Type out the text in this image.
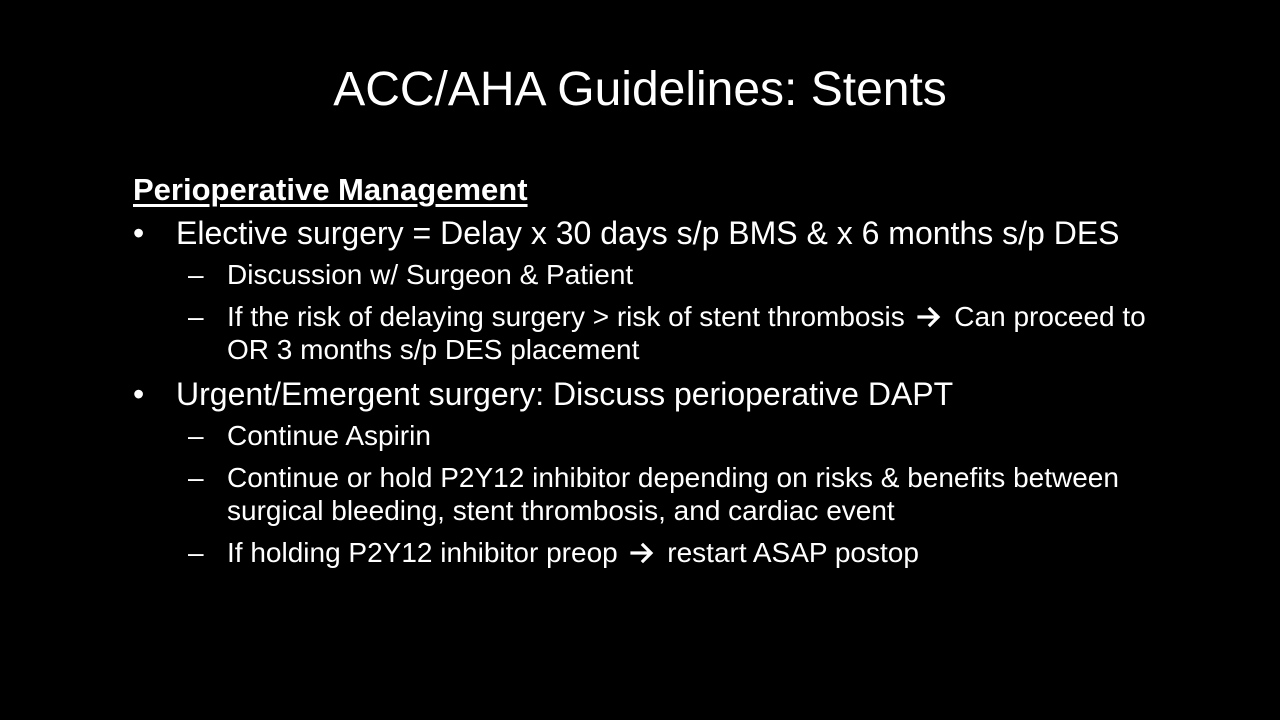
ACC/AHA Guidelines: Stents
Perioperative Management
• Elective surgery = Delay x 30 days s/p BMS & x 6 months s/p DES
– Discussion w/ Surgeon & Patient
– If the risk of delaying surgery > risk of stent thrombosis Can proceed to OR 3 months s/p DES placement
• Urgent/Emergent surgery: Discuss perioperative DAPT
– Continue Aspirin
– Continue or hold P2Y12 inhibitor depending on risks & benefits between surgical bleeding, stent thrombosis, and cardiac event
– If holding P2Y12 inhibitor preop restart ASAP postop
